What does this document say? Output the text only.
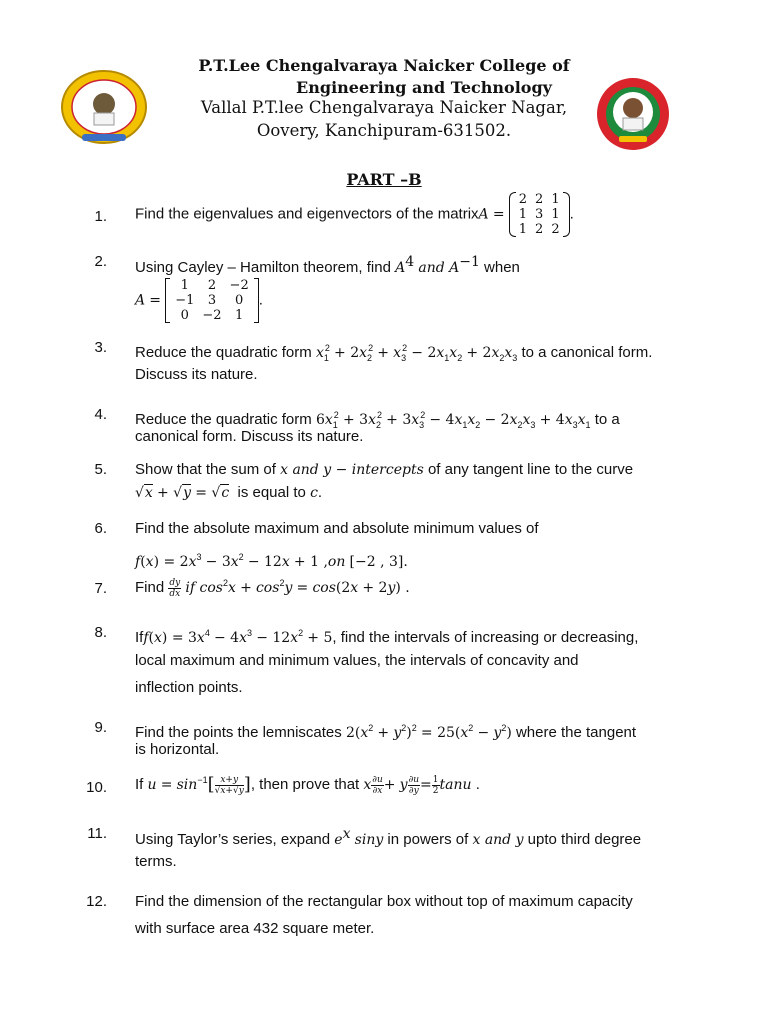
P.T.Lee Chengalvaraya Naicker College of
Engineering and Technology
Vallal P.T.lee Chengalvaraya Naicker Nagar,
Oovery, Kanchipuram-631502.
PART –B
1. Find the eigenvalues and eigenvectors of the matrixA =
2	2	1
1	3	1
1	2	2
.
2. Using Cayley – Hamilton theorem, find $A^4$ and $A^{-1}$ when
A =
1	2	−2
−1	3	0
0	−2	1
.
3. Reduce the quadratic form $x_1^2 + 2x_2^2 + x_3^2 - 2x_1x_2 + 2x_2x_3$ to a canonical form.
Discuss its nature.
4. Reduce the quadratic form $6x_1^2 + 3x_2^2 + 3x_3^2 - 4x_1x_2 - 2x_2x_3 + 4x_3x_1$ to a
canonical form. Discuss its nature.
5. Show that the sum of x and y − intercepts of any tangent line to the curve
√x + √y = √c is equal to c.
6. Find the absolute maximum and absolute minimum values of
$f(x) = 2x^3 - 3x^2 - 12x + 1$ ,on [−2 , 3].
7. Find $\frac{dy}{dx}$ if $\cos^2x + \cos^2y = \cos(2x + 2y)$ .
8. $Iff(x) = 3x^4 - 4x^3 - 12x^2 + 5$, find the intervals of increasing or decreasing,
local maximum and minimum values, the intervals of concavity and
inflection points.
9. Find the points the lemniscates $2(x^2 + y^2)^2 = 25(x^2 - y^2)$ where the tangent
is horizontal.
10. If $u = \sin^{-1}[ \frac{x+y}{√x+√y}$ ], then prove that x $\frac{\partial u}{\partial x} + y \frac{\partial u}{\partial y} = \frac{1}{2}$ tanu .
11. Using Taylor’s series, expand $e^x$ siny in powers of x and y upto third degree
terms.
12. Find the dimension of the rectangular box without top of maximum capacity
with surface area 432 square meter.
